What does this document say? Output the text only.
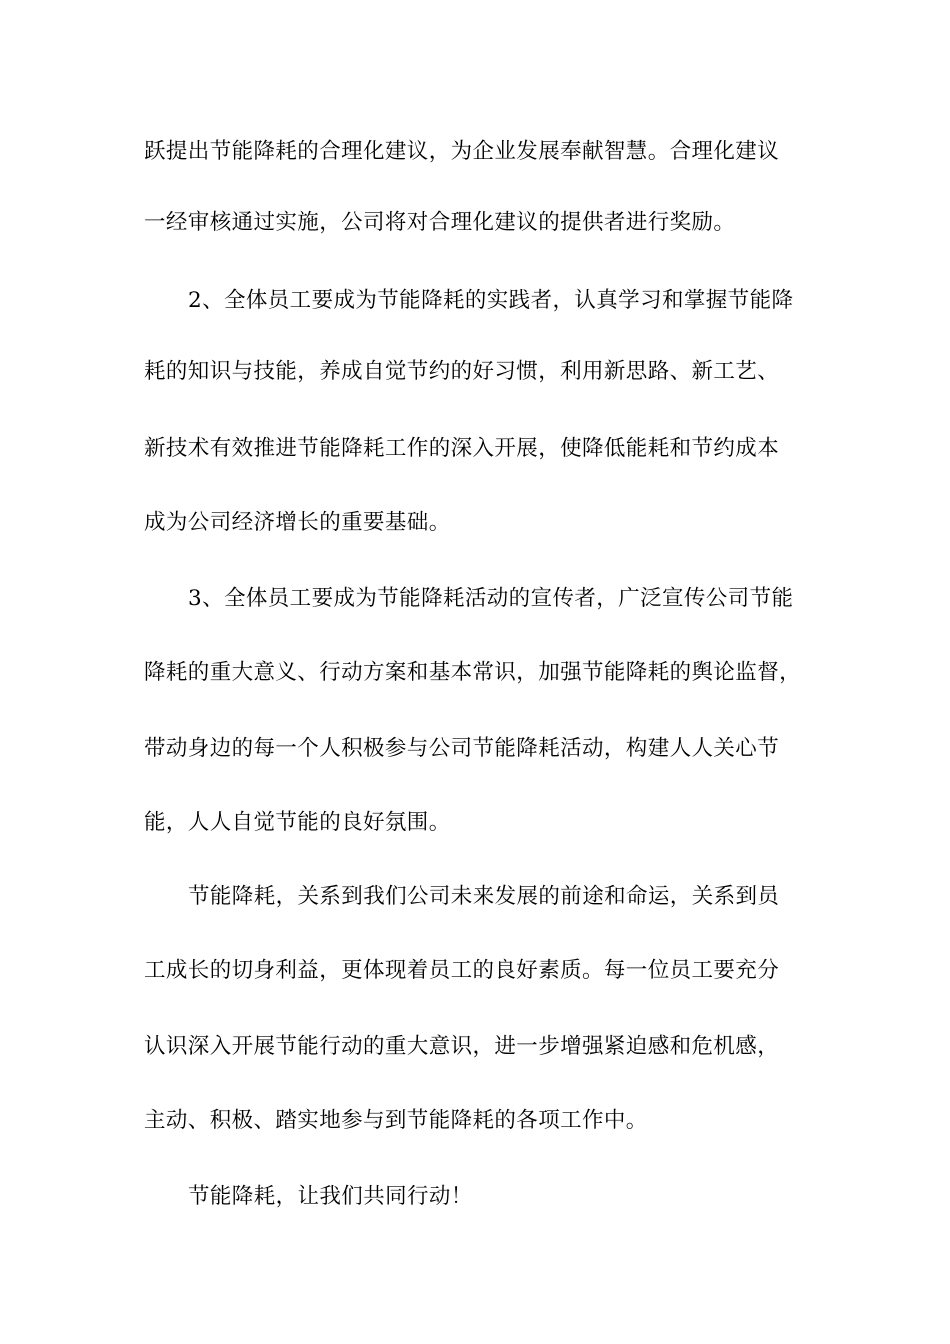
跃提出节能降耗的合理化建议，为企业发展奉献智慧。合理化建议
一经审核通过实施，公司将对合理化建议的提供者进行奖励。
2、全体员工要成为节能降耗的实践者，认真学习和掌握节能降
耗的知识与技能，养成自觉节约的好习惯，利用新思路、新工艺、
新技术有效推进节能降耗工作的深入开展，使降低能耗和节约成本
成为公司经济增长的重要基础。
3、全体员工要成为节能降耗活动的宣传者，广泛宣传公司节能
降耗的重大意义、行动方案和基本常识，加强节能降耗的舆论监督，
带动身边的每一个人积极参与公司节能降耗活动，构建人人关心节
能，人人自觉节能的良好氛围。
节能降耗，关系到我们公司未来发展的前途和命运，关系到员
工成长的切身利益，更体现着员工的良好素质。每一位员工要充分
认识深入开展节能行动的重大意识，进一步增强紧迫感和危机感，
主动、积极、踏实地参与到节能降耗的各项工作中。
节能降耗，让我们共同行动！
